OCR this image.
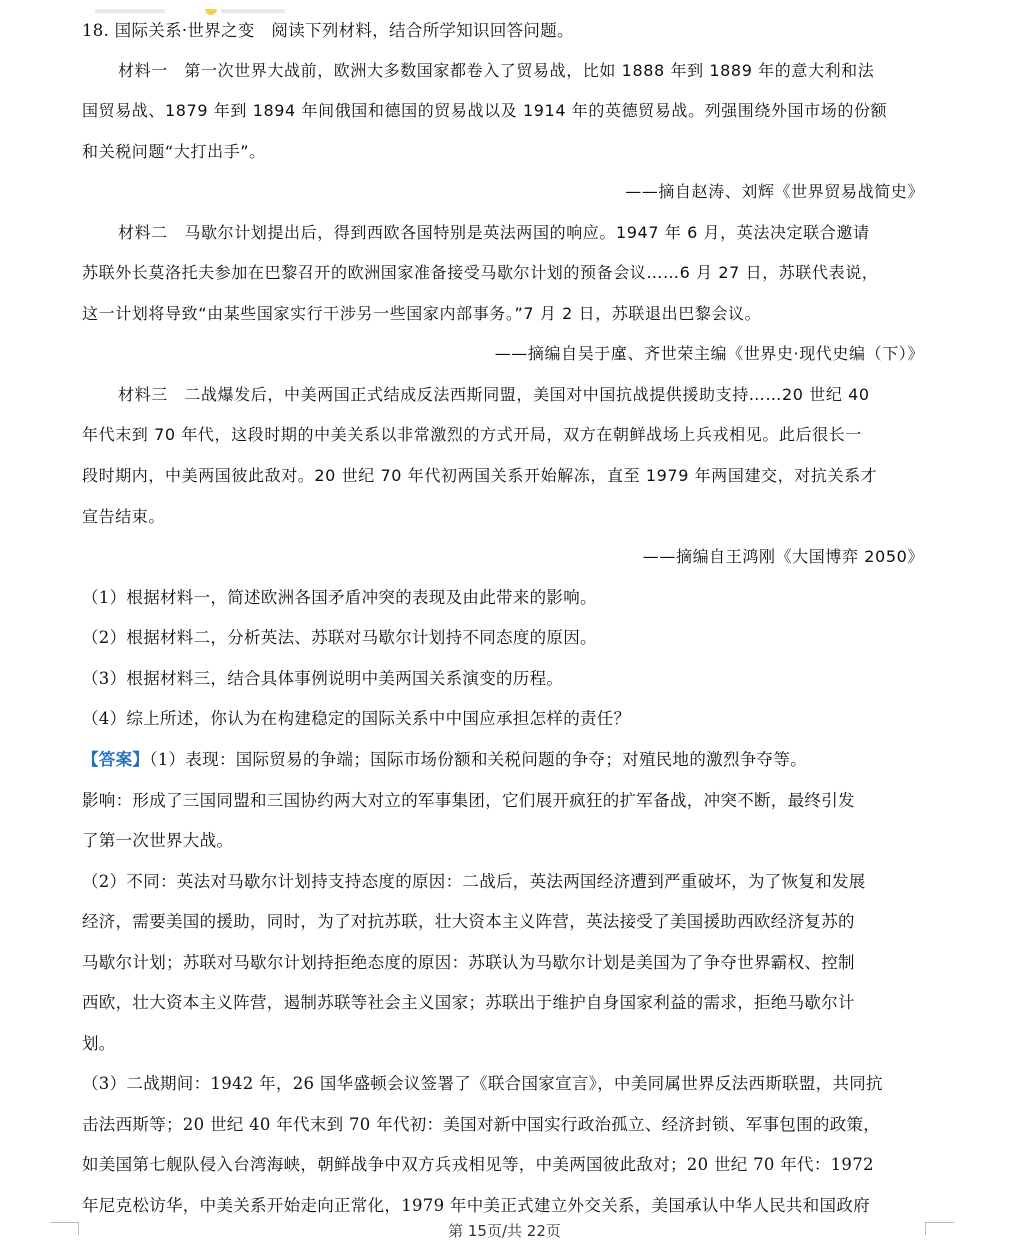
18. 国际关系·世界之变　阅读下列材料，结合所学知识回答问题。
材料一　第一次世界大战前，欧洲大多数国家都卷入了贸易战，比如 1888 年到 1889 年的意大利和法
国贸易战、1879 年到 1894 年间俄国和德国的贸易战以及 1914 年的英德贸易战。列强围绕外国市场的份额
和关税问题“大打出手”。
——摘自赵涛、刘辉《世界贸易战简史》
材料二　马歇尔计划提出后，得到西欧各国特别是英法两国的响应。1947 年 6 月，英法决定联合邀请
苏联外长莫洛托夫参加在巴黎召开的欧洲国家准备接受马歇尔计划的预备会议……6 月 27 日，苏联代表说，
这一计划将导致“由某些国家实行干涉另一些国家内部事务。”7 月 2 日，苏联退出巴黎会议。
——摘编自吴于廑、齐世荣主编《世界史·现代史编（下）》
材料三　二战爆发后，中美两国正式结成反法西斯同盟，美国对中国抗战提供援助支持……20 世纪 40
年代末到 70 年代，这段时期的中美关系以非常激烈的方式开局，双方在朝鲜战场上兵戎相见。此后很长一
段时期内，中美两国彼此敌对。20 世纪 70 年代初两国关系开始解冻，直至 1979 年两国建交，对抗关系才
宣告结束。
——摘编自王鸿刚《大国博弈 2050》
（1）根据材料一，简述欧洲各国矛盾冲突的表现及由此带来的影响。
（2）根据材料二，分析英法、苏联对马歇尔计划持不同态度的原因。
（3）根据材料三，结合具体事例说明中美两国关系演变的历程。
（4）综上所述，你认为在构建稳定的国际关系中中国应承担怎样的责任？
【答案】（1）表现：国际贸易的争端；国际市场份额和关税问题的争夺；对殖民地的激烈争夺等。
影响：形成了三国同盟和三国协约两大对立的军事集团，它们展开疯狂的扩军备战，冲突不断，最终引发
了第一次世界大战。
（2）不同：英法对马歇尔计划持支持态度的原因：二战后，英法两国经济遭到严重破坏，为了恢复和发展
经济，需要美国的援助，同时，为了对抗苏联，壮大资本主义阵营，英法接受了美国援助西欧经济复苏的
马歇尔计划；苏联对马歇尔计划持拒绝态度的原因：苏联认为马歇尔计划是美国为了争夺世界霸权、控制
西欧，壮大资本主义阵营，遏制苏联等社会主义国家；苏联出于维护自身国家利益的需求，拒绝马歇尔计
划。
（3）二战期间：1942 年，26 国华盛顿会议签署了《联合国家宣言》，中美同属世界反法西斯联盟，共同抗
击法西斯等；20 世纪 40 年代末到 70 年代初：美国对新中国实行政治孤立、经济封锁、军事包围的政策，
如美国第七舰队侵入台湾海峡，朝鲜战争中双方兵戎相见等，中美两国彼此敌对；20 世纪 70 年代：1972
年尼克松访华，中美关系开始走向正常化，1979 年中美正式建立外交关系，美国承认中华人民共和国政府
第 15页/共 22页
